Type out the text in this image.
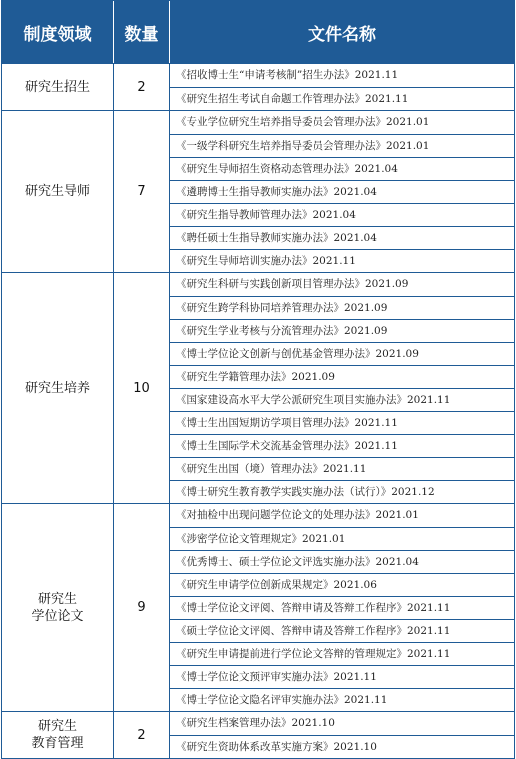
制度领域	数量	文件名称
研究生招生	2
《招收博士生“申请考核制”招生办法》2021.11
《研究生招生考试自命题工作管理办法》2021.11
研究生导师	7
《专业学位研究生培养指导委员会管理办法》2021.01
《一级学科研究生培养指导委员会管理办法》2021.01
《研究生导师招生资格动态管理办法》2021.04
《遴聘博士生指导教师实施办法》2021.04
《研究生指导教师管理办法》2021.04
《聘任硕士生指导教师实施办法》2021.04
《研究生导师培训实施办法》2021.11
研究生培养	10
《研究生科研与实践创新项目管理办法》2021.09
《研究生跨学科协同培养管理办法》2021.09
《研究生学业考核与分流管理办法》2021.09
《博士学位论文创新与创优基金管理办法》2021.09
《研究生学籍管理办法》2021.09
《国家建设高水平大学公派研究生项目实施办法》2021.11
《博士生出国短期访学项目管理办法》2021.11
《博士生国际学术交流基金管理办法》2021.11
《研究生出国（境）管理办法》2021.11
《博士研究生教育教学实践实施办法（试行）》2021.12
研究生
学位论文
9
《对抽检中出现问题学位论文的处理办法》2021.01
《涉密学位论文管理规定》2021.01
《优秀博士、硕士学位论文评选实施办法》2021.04
《研究生申请学位创新成果规定》2021.06
《博士学位论文评阅、答辩申请及答辩工作程序》2021.11
《硕士学位论文评阅、答辩申请及答辩工作程序》2021.11
《研究生申请提前进行学位论文答辩的管理规定》2021.11
《博士学位论文预评审实施办法》2021.11
《博士学位论文隐名评审实施办法》2021.11
研究生
教育管理
2
《研究生档案管理办法》2021.10
《研究生资助体系改革实施方案》2021.10
